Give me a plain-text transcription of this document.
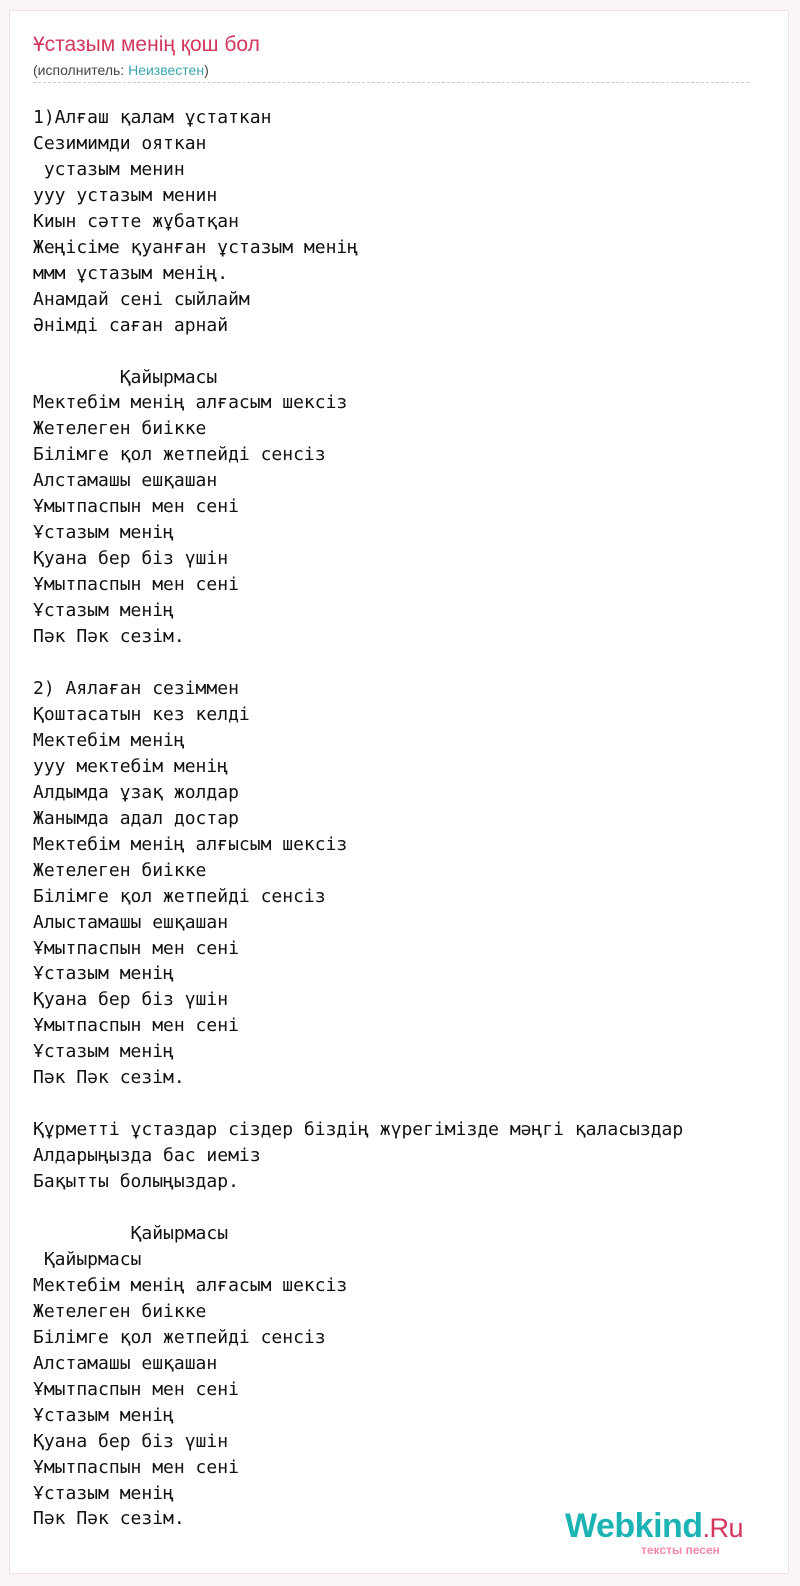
Ұстазым менің қош бол
(исполнитель: Неизвестен)
1)Алғаш қалам ұстаткан
Сезимимди ояткан
устазым менин
ууу устазым менин
Киын сәтте жұбатқан
Жеңісіме қуанған ұстазым менің
ммм ұстазым менің.
Анамдай сені сыйлайм
Әнімді саған арнай

Қайырмасы
Мектебім менің алғасым шексіз
Жетелеген биікке
Білімге қол жетпейді сенсіз
Алстамашы ешқашан
Ұмытпаспын мен сені
Ұстазым менің
Қуана бер біз үшін
Ұмытпаспын мен сені
Ұстазым менің
Пәк Пәк сезім.

2) Аялаған сезіммен
Қоштасатын кез келді
Мектебім менің
ууу мектебім менің
Алдымда ұзақ жолдар
Жанымда адал достар
Мектебім менің алғысым шексіз
Жетелеген биікке
Білімге қол жетпейді сенсіз
Алыстамашы ешқашан
Ұмытпаспын мен сені
Ұстазым менің
Қуана бер біз үшін
Ұмытпаспын мен сені
Ұстазым менің
Пәк Пәк сезім.

Құрметті ұстаздар сіздер біздің жүрегімізде мәңгі қаласыздар
Алдарыңызда бас иеміз
Бақытты болыңыздар.

Қайырмасы
Қайырмасы
Мектебім менің алғасым шексіз
Жетелеген биікке
Білімге қол жетпейді сенсіз
Алстамашы ешқашан
Ұмытпаспын мен сені
Ұстазым менің
Қуана бер біз үшін
Ұмытпаспын мен сені
Ұстазым менің
Пәк Пәк сезім.	Webkind.Ru
тексты песен
